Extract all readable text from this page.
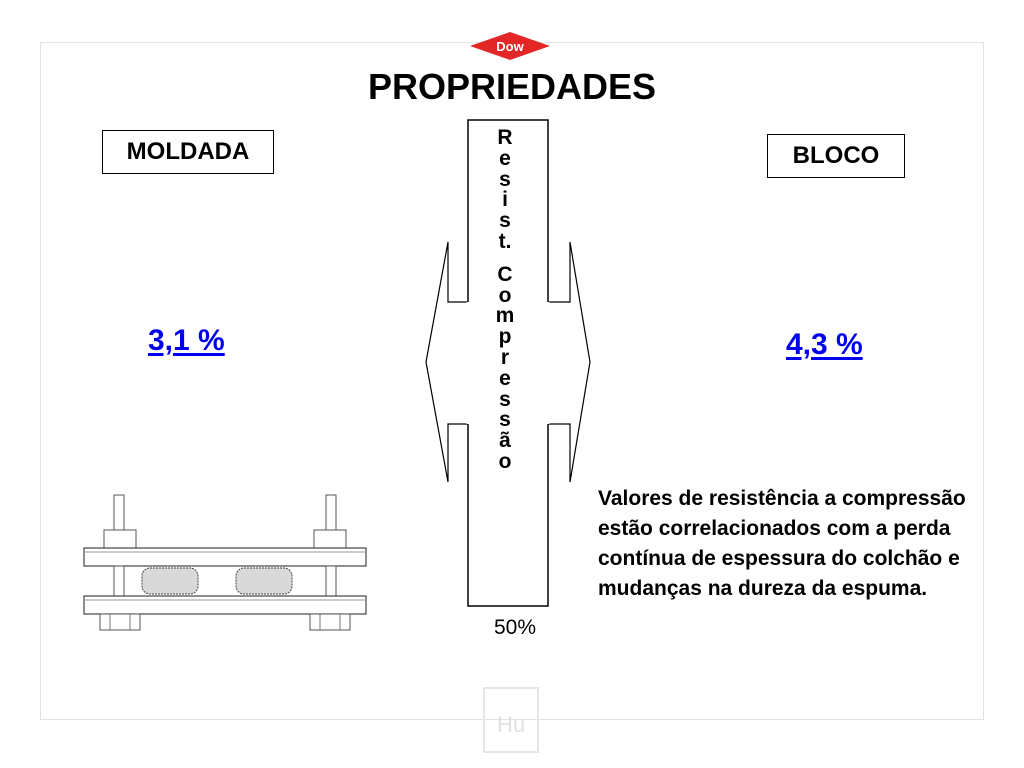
Dow
PROPRIEDADES
MOLDADA	BLOCO
3,1 %	4,3 %
R
e
s
i
s
t.
C
o
m
p
r
e
s
s
ã
o
50%
Valores de resistência a compressão estão correlacionados com a perda contínua de espessura do colchão e mudanças na dureza da espuma.
Hu
